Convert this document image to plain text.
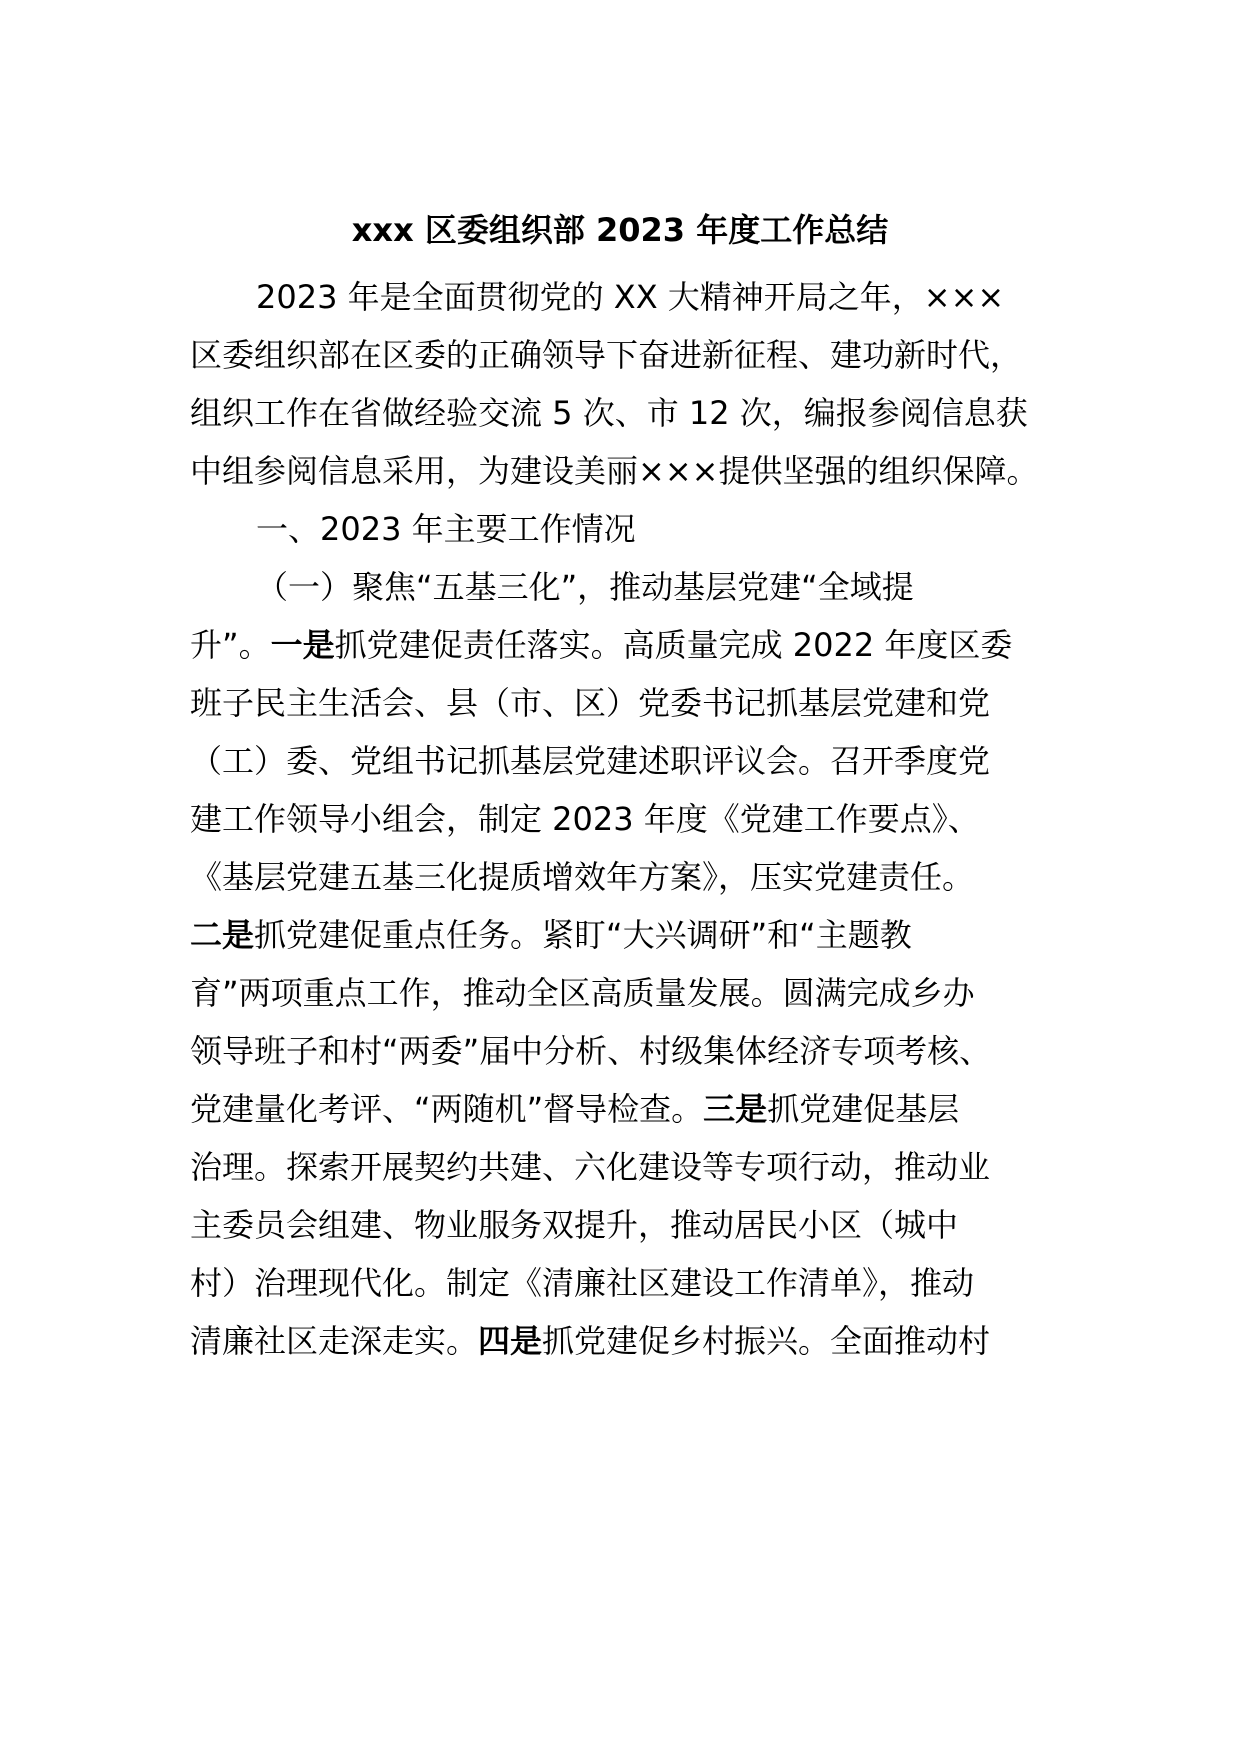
xxx 区委组织部 2023 年度工作总结

2023 年是全面贯彻党的 XX 大精神开局之年，×××

区委组织部在区委的正确领导下奋进新征程、建功新时代，

组织工作在省做经验交流 5 次、市 12 次，编报参阅信息获

中组参阅信息采用，为建设美丽×××提供坚强的组织保障。

一、2023 年主要工作情况

（一）聚焦“五基三化”，推动基层党建“全域提

升”。一是抓党建促责任落实。高质量完成 2022 年度区委

班子民主生活会、县（市、区）党委书记抓基层党建和党

（工）委、党组书记抓基层党建述职评议会。召开季度党

建工作领导小组会，制定 2023 年度《党建工作要点》、

《基层党建五基三化提质增效年方案》，压实党建责任。

二是抓党建促重点任务。紧盯“大兴调研”和“主题教

育”两项重点工作，推动全区高质量发展。圆满完成乡办

领导班子和村“两委”届中分析、村级集体经济专项考核、

党建量化考评、“两随机”督导检查。三是抓党建促基层

治理。探索开展契约共建、六化建设等专项行动，推动业

主委员会组建、物业服务双提升，推动居民小区（城中

村）治理现代化。制定《清廉社区建设工作清单》，推动

清廉社区走深走实。四是抓党建促乡村振兴。全面推动村
